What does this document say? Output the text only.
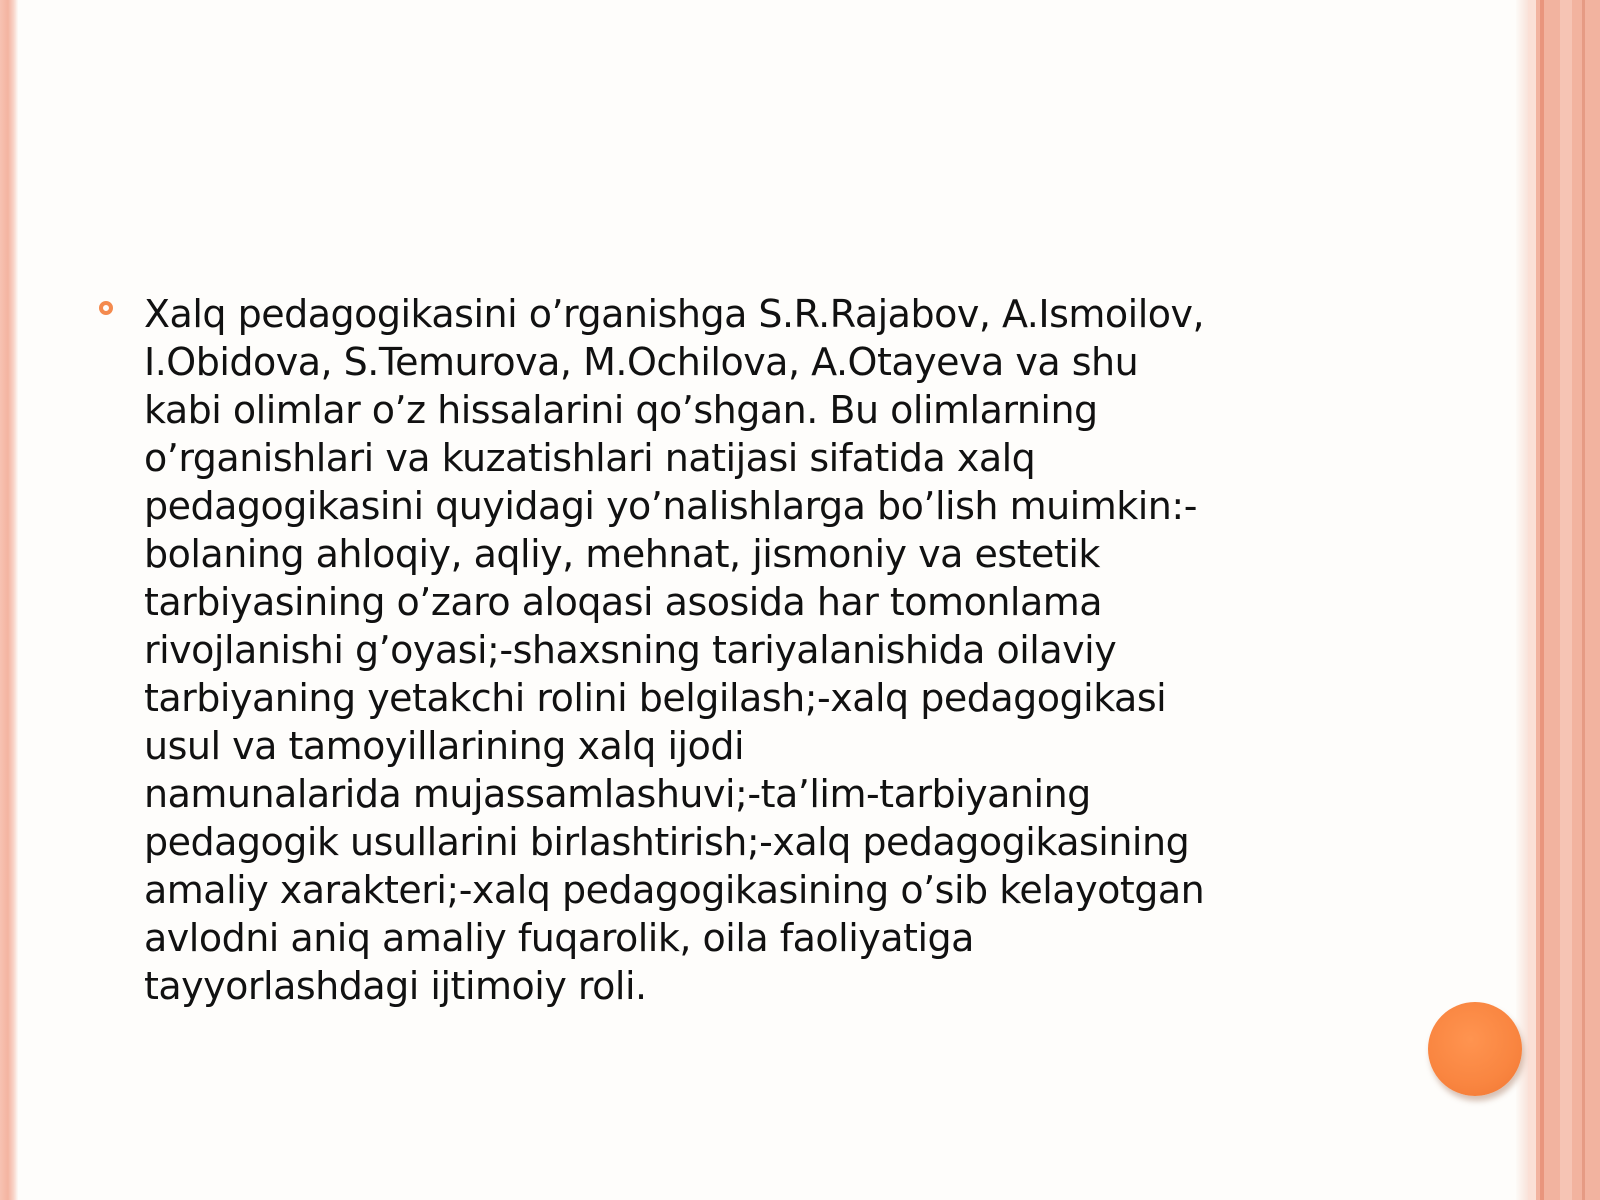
Xalq pedagogikasini o’rganishga S.R.Rajabov, A.Ismoilov,
I.Obidova, S.Temurova, M.Ochilova, A.Otayeva va shu
kabi olimlar o’z hissalarini qo’shgan. Bu olimlarning
o’rganishlari va kuzatishlari natijasi sifatida xalq
pedagogikasini quyidagi yo’nalishlarga bo’lish muimkin:-
bolaning ahloqiy, aqliy, mehnat, jismoniy va estetik
tarbiyasining o’zaro aloqasi asosida har tomonlama
rivojlanishi g’oyasi;-shaxsning tariyalanishida oilaviy
tarbiyaning yetakchi rolini belgilash;-xalq pedagogikasi
usul va tamoyillarining xalq ijodi
namunalarida mujassamlashuvi;-ta’lim-tarbiyaning
pedagogik usullarini birlashtirish;-xalq pedagogikasining
amaliy xarakteri;-xalq pedagogikasining o’sib kelayotgan
avlodni aniq amaliy fuqarolik, oila faoliyatiga
tayyorlashdagi ijtimoiy roli.
